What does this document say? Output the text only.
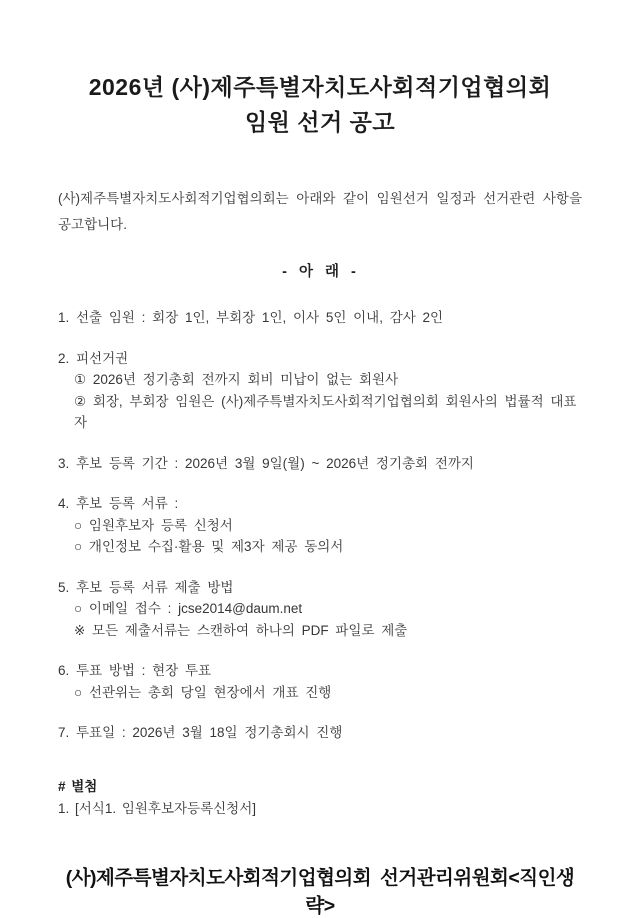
2026년 (사)제주특별자치도사회적기업협의회
임원 선거 공고

(사)제주특별자치도사회적기업협의회는 아래와 같이 임원선거 일정과 선거관련 사항을 공고합니다.

- 아 래 -
1. 선출 임원 : 회장 1인, 부회장 1인, 이사 5인 이내, 감사 2인
2. 피선거권
① 2026년 정기총회 전까지 회비 미납이 없는 회원사
② 회장, 부회장 임원은 (사)제주특별자치도사회적기업협의회 회원사의 법률적 대표자
3. 후보 등록 기간 : 2026년 3월 9일(월) ~ 2026년 정기총회 전까지
4. 후보 등록 서류 :
○ 임원후보자 등록 신청서
○ 개인정보 수집·활용 및 제3자 제공 동의서
5. 후보 등록 서류 제출 방법
○ 이메일 접수 : jcse2014@daum.net
※ 모든 제출서류는 스캔하여 하나의 PDF 파일로 제출
6. 투표 방법 : 현장 투표
○ 선관위는 총회 당일 현장에서 개표 진행
7. 투표일 : 2026년 3월 18일 정기총회시 진행
# 별첨
1. [서식1. 임원후보자등록신청서]
(사)제주특별자치도사회적기업협의회 선거관리위원회<직인생략>
